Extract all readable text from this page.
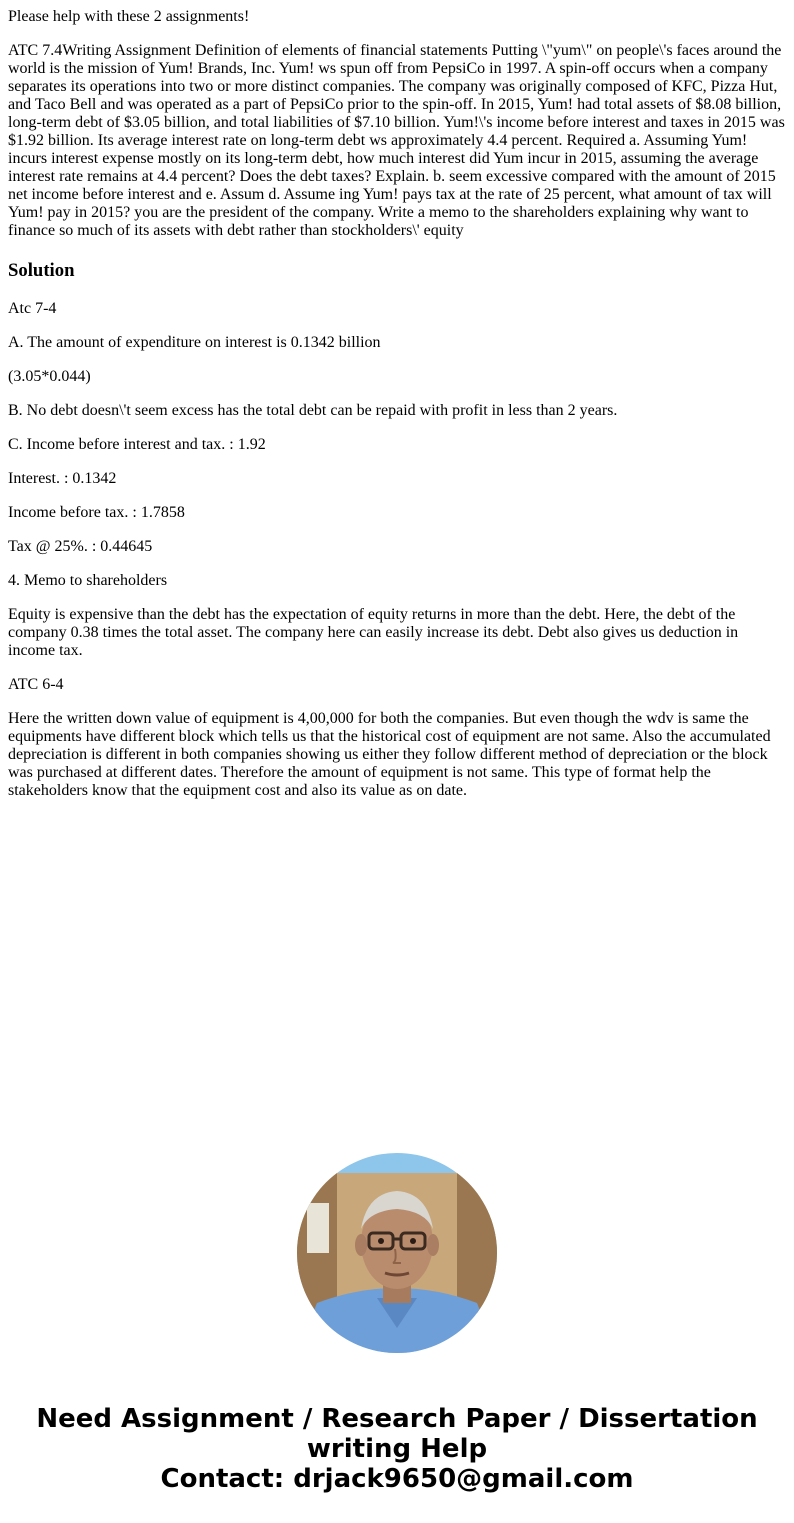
Please help with these 2 assignments!

ATC 7.4Writing Assignment Definition of elements of financial statements Putting \"yum\" on people\'s faces around the world is the mission of Yum! Brands, Inc. Yum! ws spun off from PepsiCo in 1997. A spin-off occurs when a company separates its operations into two or more distinct companies. The company was originally composed of KFC, Pizza Hut, and Taco Bell and was operated as a part of PepsiCo prior to the spin-off. In 2015, Yum! had total assets of $8.08 billion, long-term debt of $3.05 billion, and total liabilities of $7.10 billion. Yum!\'s income before interest and taxes in 2015 was $1.92 billion. Its average interest rate on long-term debt ws approximately 4.4 percent. Required a. Assuming Yum! incurs interest expense mostly on its long-term debt, how much interest did Yum incur in 2015, assuming the average interest rate remains at 4.4 percent? Does the debt taxes? Explain. b. seem excessive compared with the amount of 2015 net income before interest and e. Assum d. Assume ing Yum! pays tax at the rate of 25 percent, what amount of tax will Yum! pay in 2015? you are the president of the company. Write a memo to the shareholders explaining why want to finance so much of its assets with debt rather than stockholders\' equity

Solution

Atc 7-4

A. The amount of expenditure on interest is 0.1342 billion

(3.05*0.044)

B. No debt doesn\'t seem excess has the total debt can be repaid with profit in less than 2 years.

C. Income before interest and tax. : 1.92

Interest. : 0.1342

Income before tax. : 1.7858

Tax @ 25%. : 0.44645

4. Memo to shareholders

Equity is expensive than the debt has the expectation of equity returns in more than the debt. Here, the debt of the company 0.38 times the total asset. The company here can easily increase its debt. Debt also gives us deduction in income tax.

ATC 6-4

Here the written down value of equipment is 4,00,000 for both the companies. But even though the wdv is same the equipments have different block which tells us that the historical cost of equipment are not same. Also the accumulated depreciation is different in both companies showing us either they follow different method of depreciation or the block was purchased at different dates. Therefore the amount of equipment is not same. This type of format help the stakeholders know that the equipment cost and also its value as on date.

Need Assignment / Research Paper / Dissertation
writing Help
Contact: drjack9650@gmail.com
